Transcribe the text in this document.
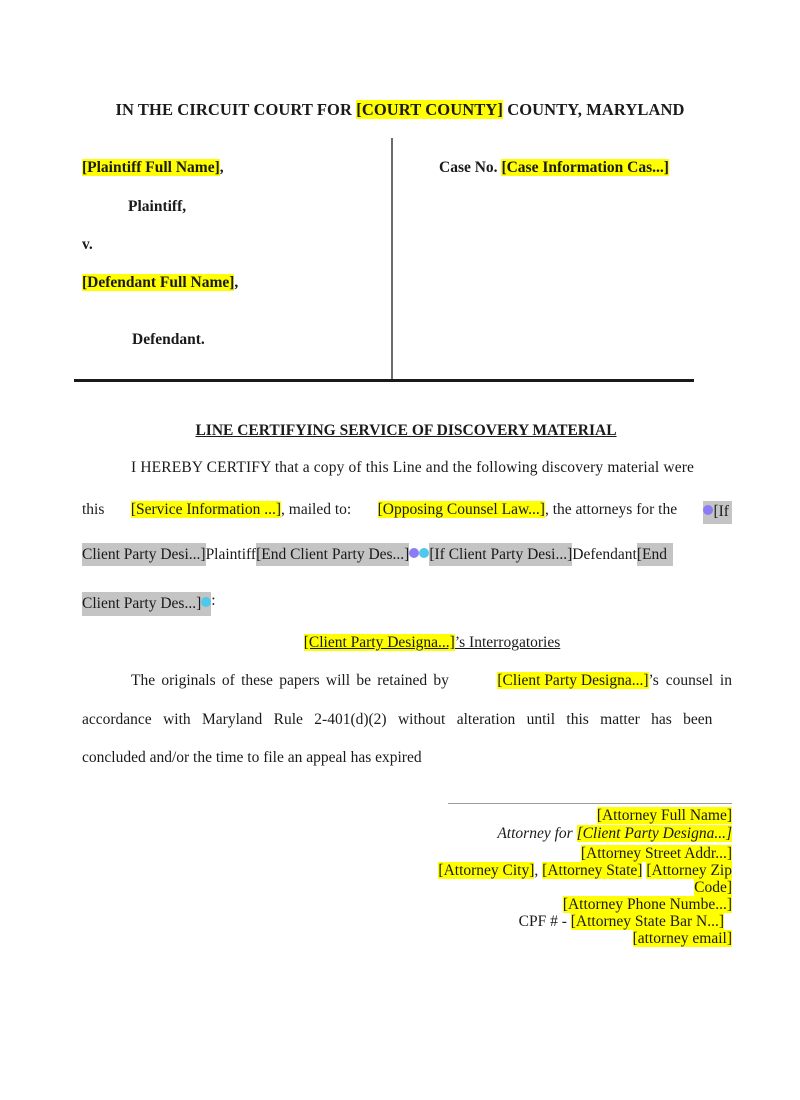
IN THE CIRCUIT COURT FOR [COURT COUNTY] COUNTY, MARYLAND
[Plaintiff Full Name],
Plaintiff,
v.
[Defendant Full Name],
Defendant.
Case No. [Case Information Cas...]
LINE CERTIFYING SERVICE OF DISCOVERY MATERIAL
I HEREBY CERTIFY that a copy of this Line and the following discovery material were
this [Service Information ...], mailed to: [Opposing Counsel Law...], the attorneys for the	[If
Client Party Desi...]Plaintiff[End Client Party Des...] [If Client Party Desi...]Defendant[End
Client Party Des...] :
[Client Party Designa...]’s Interrogatories
The originals of these papers will be retained by	[Client Party Designa...]’s counsel in
accordance with Maryland Rule 2-401(d)(2) without alteration until this matter has been
concluded and/or the time to file an appeal has expired
[Attorney Full Name]
Attorney for [Client Party Designa...]
[Attorney Street Addr...]
[Attorney City], [Attorney State] [Attorney Zip
Code]
[Attorney Phone Numbe...]
CPF # - [Attorney State Bar N...]
[attorney email]
